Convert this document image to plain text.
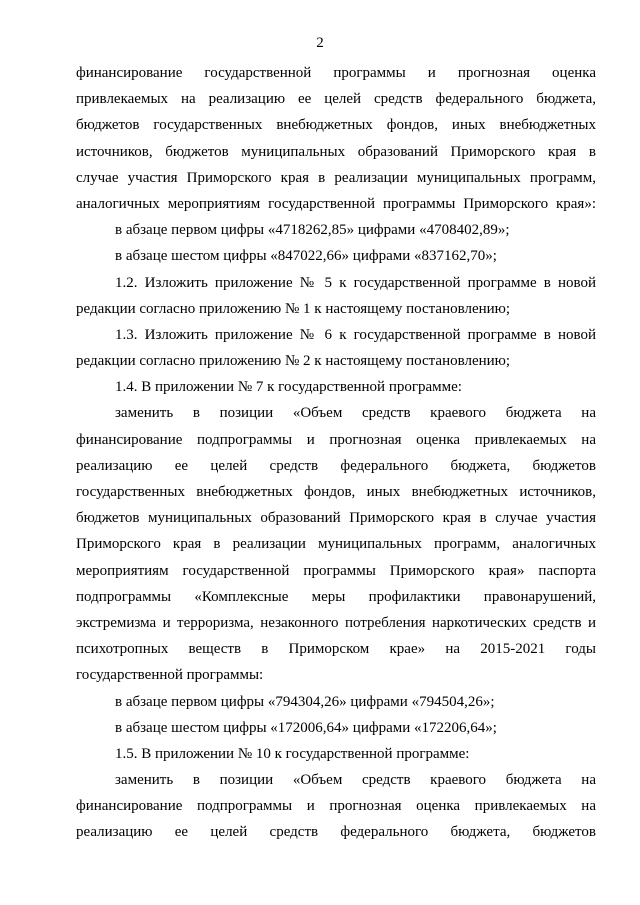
2
финансирование государственной программы и прогнозная оценка
привлекаемых на реализацию ее целей средств федерального бюджета,
бюджетов государственных внебюджетных фондов, иных внебюджетных
источников, бюджетов муниципальных образований Приморского края в
случае участия Приморского края в реализации муниципальных программ,
аналогичных мероприятиям государственной программы Приморского края»:
в абзаце первом цифры «4718262,85» цифрами «4708402,89»;
в абзаце шестом цифры «847022,66» цифрами «837162,70»;
1.2. Изложить приложение № 5 к государственной программе в новой
редакции согласно приложению № 1 к настоящему постановлению;
1.3. Изложить приложение № 6 к государственной программе в новой
редакции согласно приложению № 2 к настоящему постановлению;
1.4. В приложении № 7 к государственной программе:
заменить в позиции «Объем средств краевого бюджета на
финансирование подпрограммы и прогнозная оценка привлекаемых на
реализацию ее целей средств федерального бюджета, бюджетов
государственных внебюджетных фондов, иных внебюджетных источников,
бюджетов муниципальных образований Приморского края в случае участия
Приморского края в реализации муниципальных программ, аналогичных
мероприятиям государственной программы Приморского края» паспорта
подпрограммы «Комплексные меры профилактики правонарушений,
экстремизма и терроризма, незаконного потребления наркотических средств и
психотропных веществ в Приморском крае» на 2015-2021 годы
государственной программы:
в абзаце первом цифры «794304,26» цифрами «794504,26»;
в абзаце шестом цифры «172006,64» цифрами «172206,64»;
1.5. В приложении № 10 к государственной программе:
заменить в позиции «Объем средств краевого бюджета на
финансирование подпрограммы и прогнозная оценка привлекаемых на
реализацию ее целей средств федерального бюджета, бюджетов
